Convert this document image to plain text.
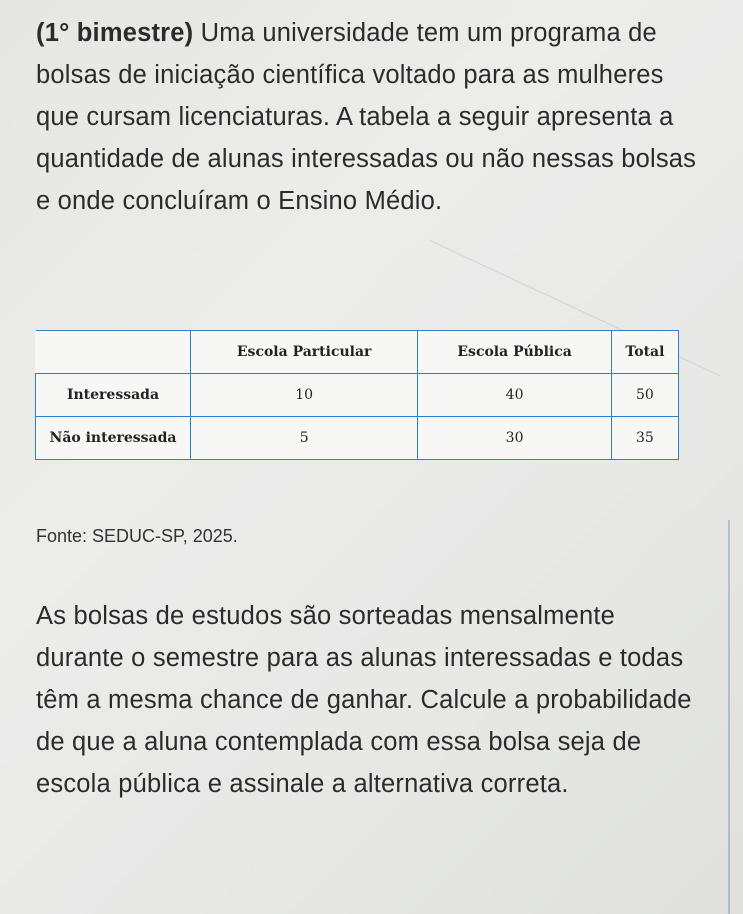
(1° bimestre) Uma universidade tem um programa de bolsas de iniciação científica voltado para as mulheres que cursam licenciaturas. A tabela a seguir apresenta a quantidade de alunas interessadas ou não nessas bolsas e onde concluíram o Ensino Médio.

	Escola Particular	Escola Pública	Total
Interessada	10	40	50
Não interessada	5	30	35
Fonte: SEDUC-SP, 2025.

As bolsas de estudos são sorteadas mensalmente durante o semestre para as alunas interessadas e todas têm a mesma chance de ganhar. Calcule a probabilidade de que a aluna contemplada com essa bolsa seja de escola pública e assinale a alternativa correta.
